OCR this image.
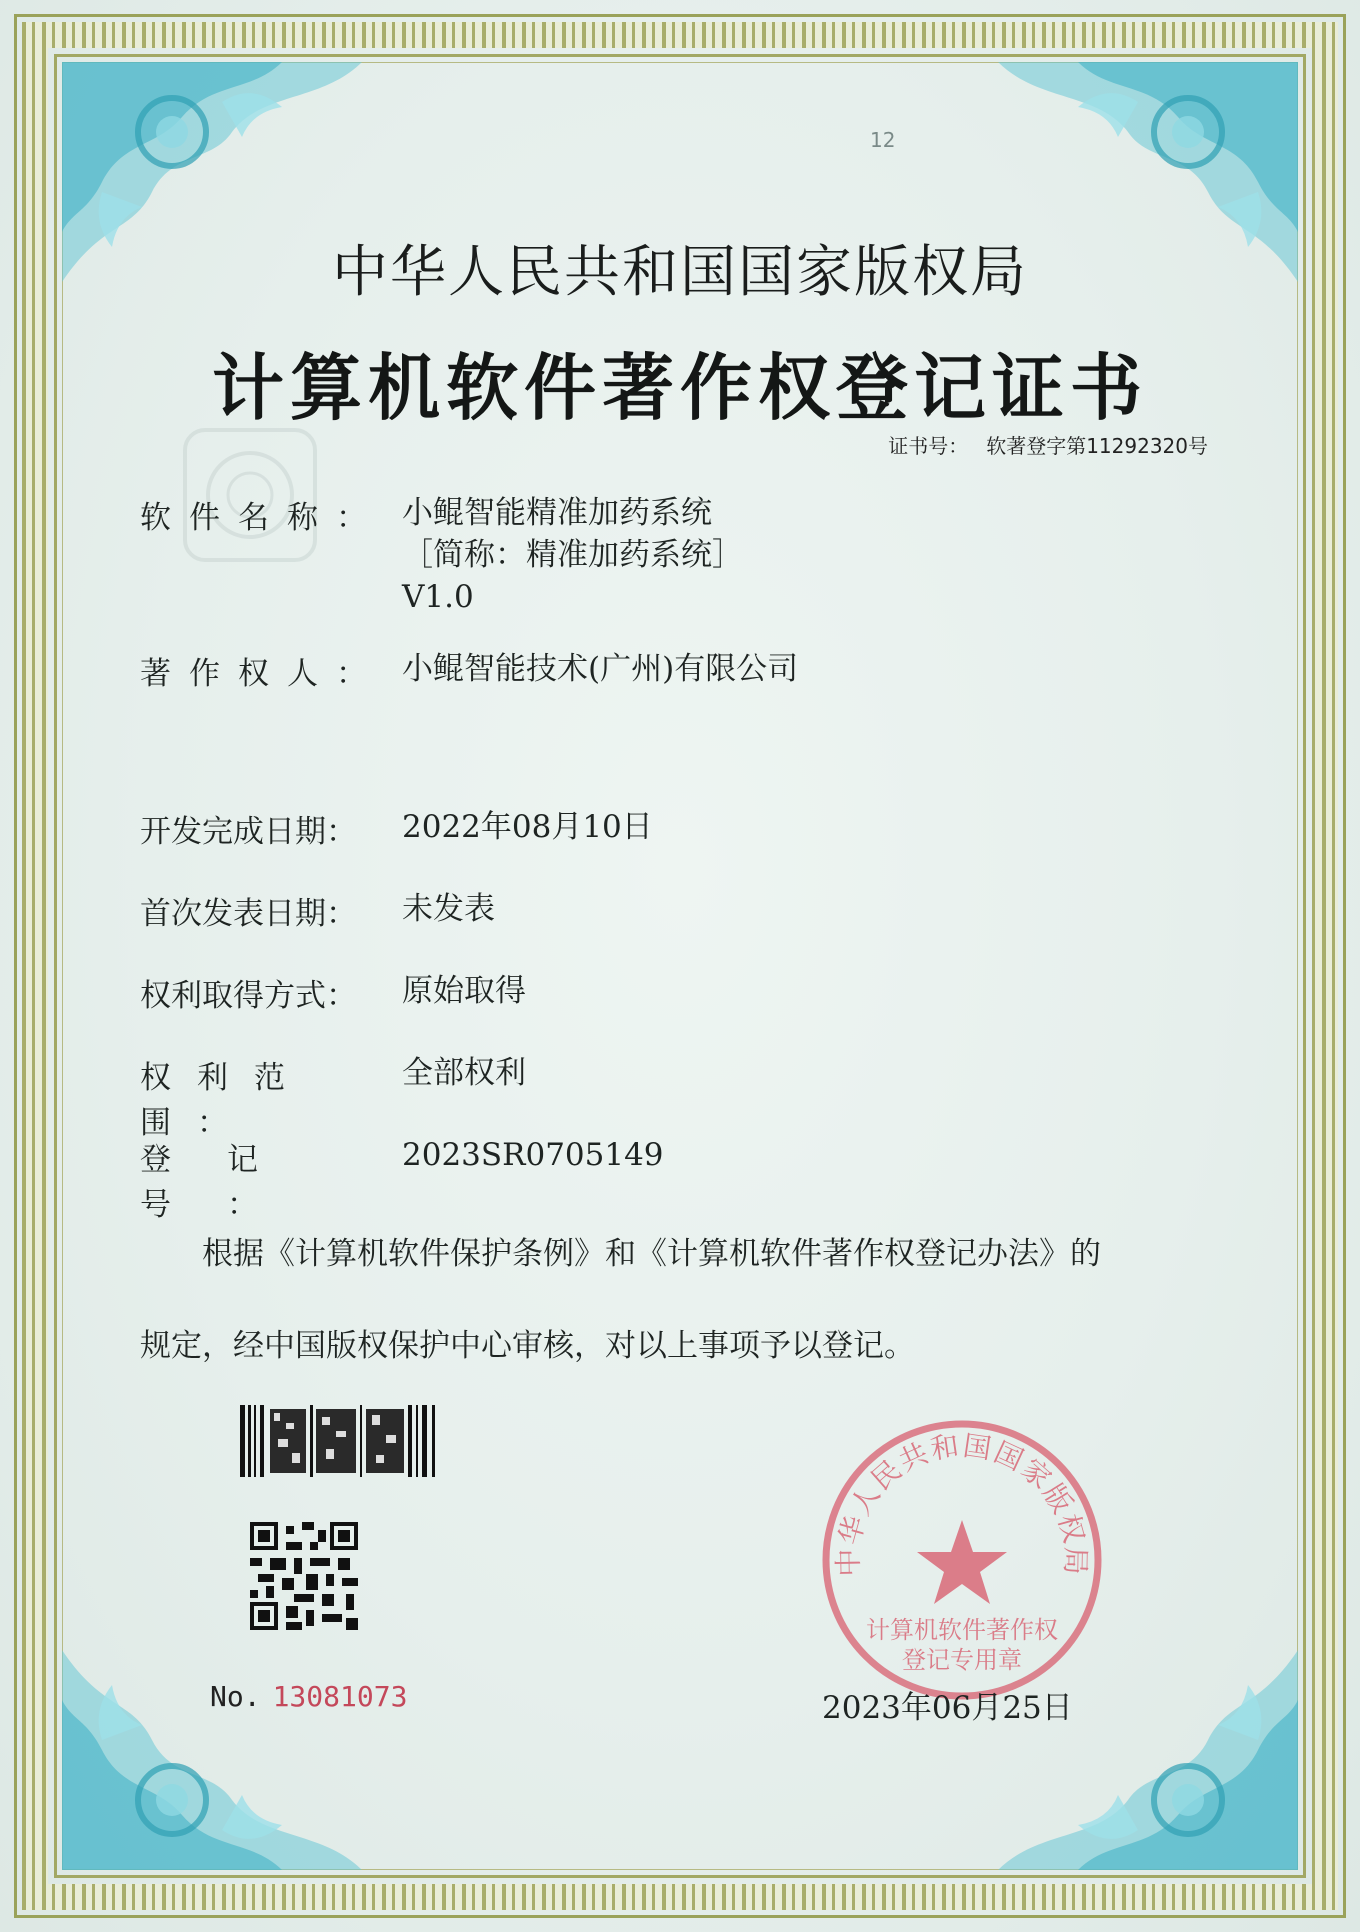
12
中华人民共和国国家版权局
计算机软件著作权登记证书
证书号： 软著登字第11292320号
软件名称： 小鲲智能精准加药系统
［简称：精准加药系统］
V1.0
著作权人： 小鲲智能技术(广州)有限公司
开发完成日期： 2022年08月10日
首次发表日期： 未发表
权利取得方式： 原始取得
权利范围：全部权利
登记号：2023SR0705149
根据《计算机软件保护条例》和《计算机软件著作权登记办法》的
规定，经中国版权保护中心审核，对以上事项予以登记。
No. 13081073
中华人民共和国国家版权局
计算机软件著作权
登记专用章
2023年06月25日
